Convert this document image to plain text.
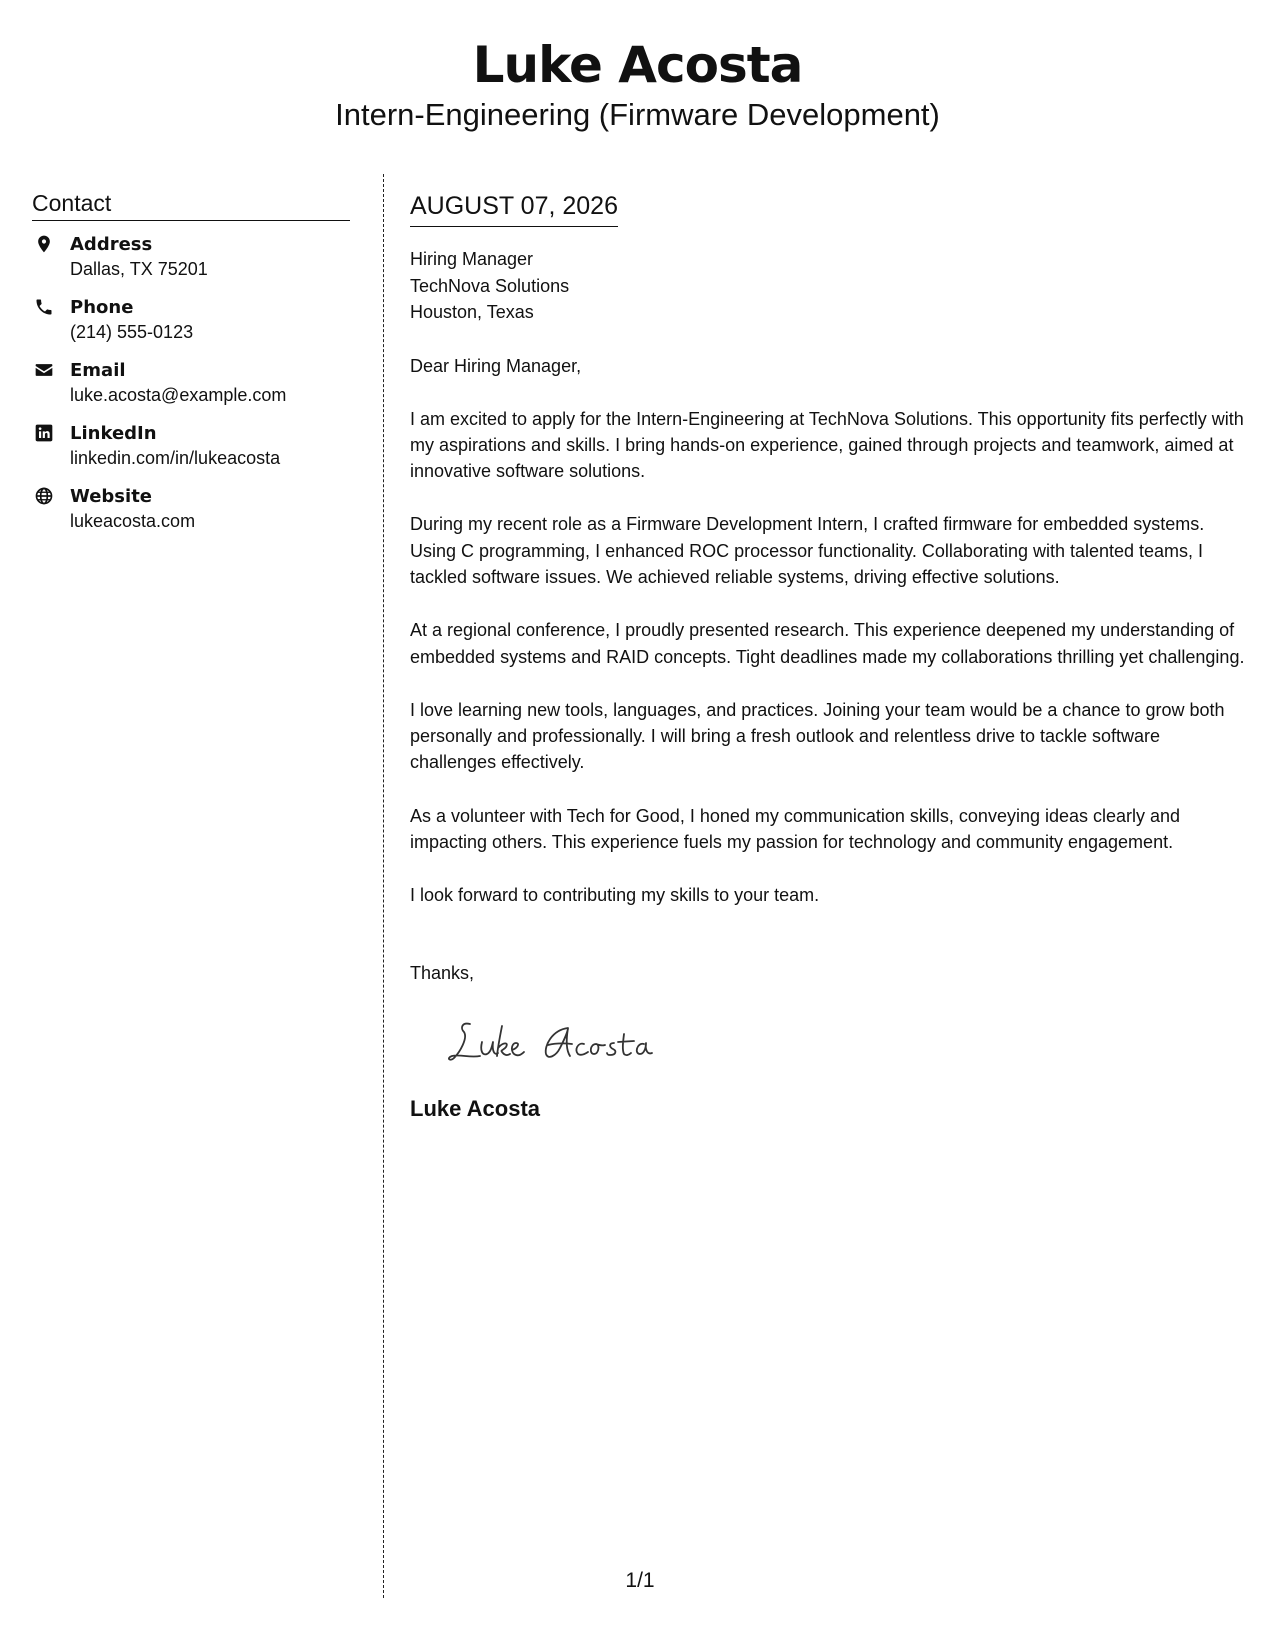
Luke Acosta
Intern-Engineering (Firmware Development)
Contact
Address
Dallas, TX 75201
Phone
(214) 555-0123
Email
luke.acosta@example.com
LinkedIn
linkedin.com/in/lukeacosta
Website
lukeacosta.com
AUGUST 07, 2026
Hiring Manager
TechNova Solutions
Houston, Texas

Dear Hiring Manager,

I am excited to apply for the Intern-Engineering at TechNova Solutions. This opportunity fits perfectly with my aspirations and skills. I bring hands-on experience, gained through projects and teamwork, aimed at innovative software solutions.

During my recent role as a Firmware Development Intern, I crafted firmware for embedded systems. Using C programming, I enhanced ROC processor functionality. Collaborating with talented teams, I tackled software issues. We achieved reliable systems, driving effective solutions.

At a regional conference, I proudly presented research. This experience deepened my understanding of embedded systems and RAID concepts. Tight deadlines made my collaborations thrilling yet challenging.

I love learning new tools, languages, and practices. Joining your team would be a chance to grow both personally and professionally. I will bring a fresh outlook and relentless drive to tackle software challenges effectively.

As a volunteer with Tech for Good, I honed my communication skills, conveying ideas clearly and impacting others. This experience fuels my passion for technology and community engagement.

I look forward to contributing my skills to your team.

Thanks,

Luke Acosta
1/1
